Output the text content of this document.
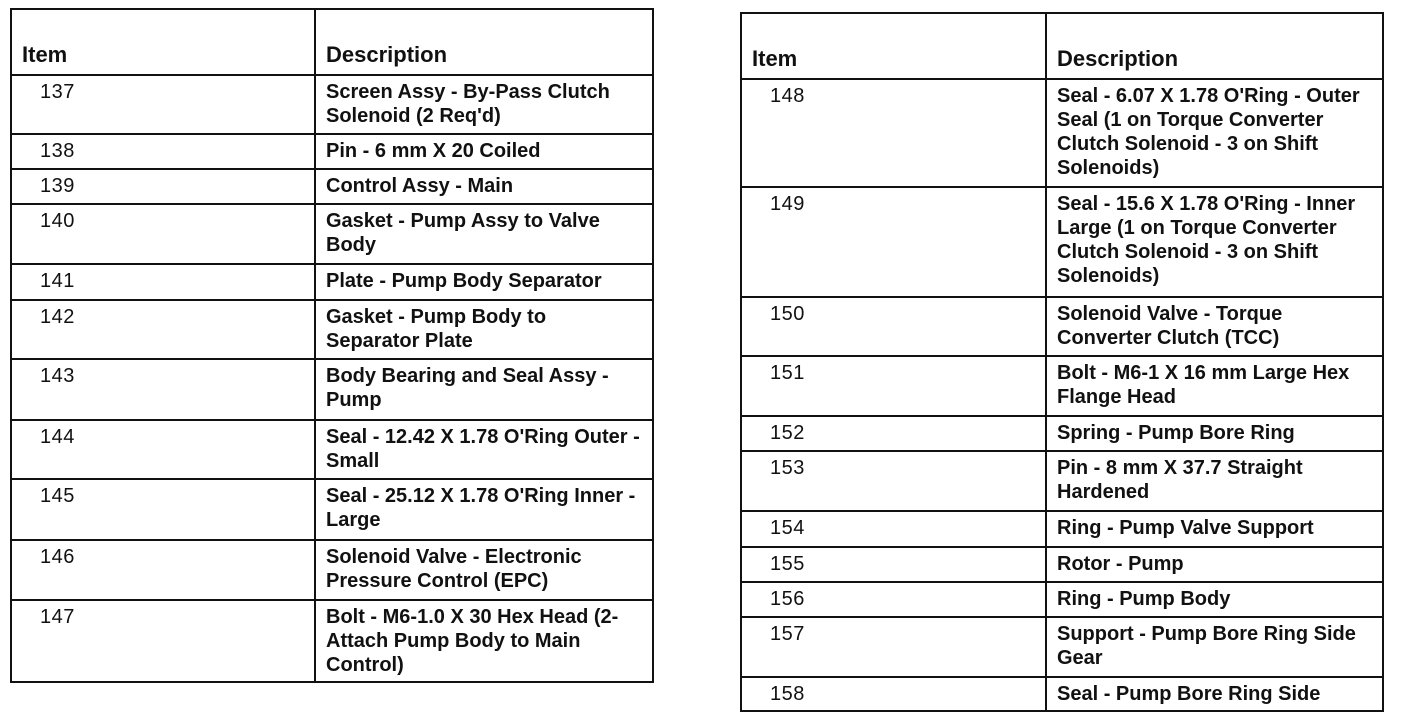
Item	Description
137	Screen Assy - By-Pass Clutch Solenoid (2 Req'd)
138	Pin - 6 mm X 20 Coiled
139	Control Assy - Main
140	Gasket - Pump Assy to Valve Body
141	Plate - Pump Body Separator
142	Gasket - Pump Body to Separator Plate
143	Body Bearing and Seal Assy - Pump
144	Seal - 12.42 X 1.78 O'Ring Outer - Small
145	Seal - 25.12 X 1.78 O'Ring Inner - Large
146	Solenoid Valve - Electronic Pressure Control (EPC)
147	Bolt - M6-1.0 X 30 Hex Head (2-Attach Pump Body to Main Control)
Item	Description
148	Seal - 6.07 X 1.78 O'Ring - Outer Seal (1 on Torque Converter Clutch Solenoid - 3 on Shift Solenoids)
149	Seal - 15.6 X 1.78 O'Ring - Inner Large (1 on Torque Converter Clutch Solenoid - 3 on Shift Solenoids)
150	Solenoid Valve - Torque Converter Clutch (TCC)
151	Bolt - M6-1 X 16 mm Large Hex Flange Head
152	Spring - Pump Bore Ring
153	Pin - 8 mm X 37.7 Straight Hardened
154	Ring - Pump Valve Support
155	Rotor - Pump
156	Ring - Pump Body
157	Support - Pump Bore Ring Side Gear
158	Seal - Pump Bore Ring Side
